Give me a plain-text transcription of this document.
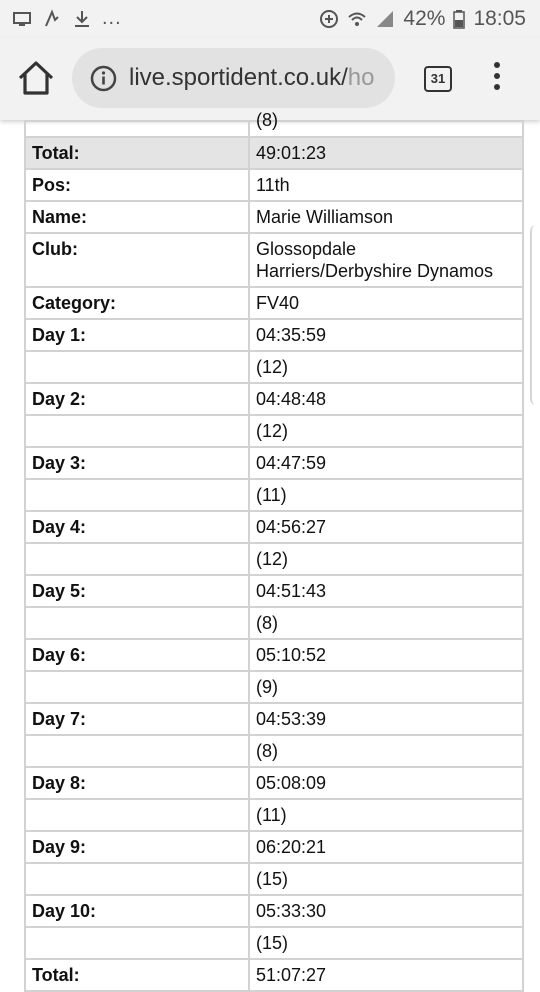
...	42% 18:05
live.sportident.co.uk/ho	31

	(8)

Total:	49:01:23
Pos:	11th
Name:	Marie Williamson
Club:	Glossopdale
Harriers/Derbyshire Dynamos
Category:	FV40
Day 1:	04:35:59
	(12)
Day 2:	04:48:48
	(12)
Day 3:	04:47:59
	(11)
Day 4:	04:56:27
	(12)
Day 5:	04:51:43
	(8)
Day 6:	05:10:52
	(9)
Day 7:	04:53:39
	(8)
Day 8:	05:08:09
	(11)
Day 9:	06:20:21
	(15)
Day 10:	05:33:30
	(15)
Total:	51:07:27
